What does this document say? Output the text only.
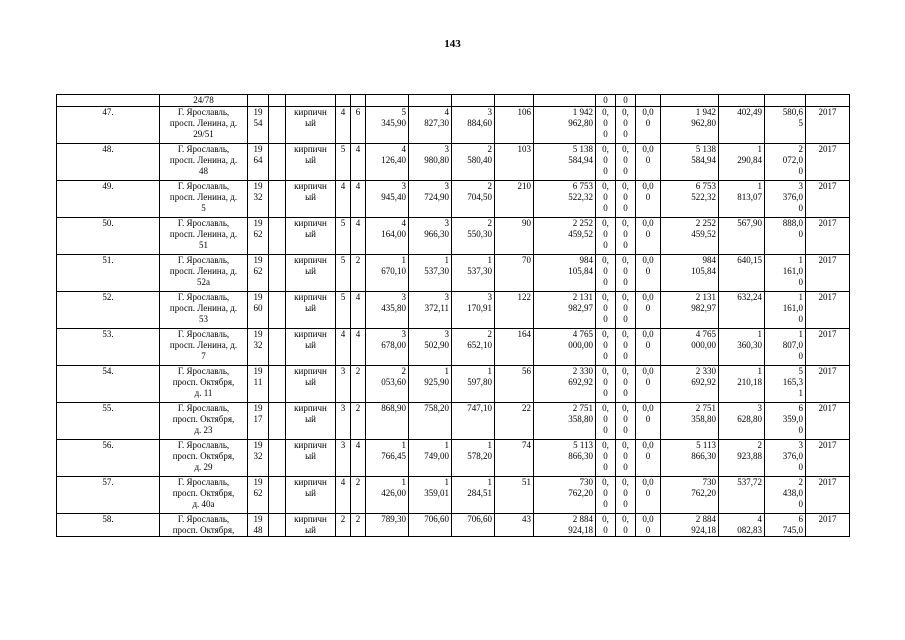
143
	24/78											0	0					
47.	Г. Ярославль,
просп. Ленина, д.
29/51	19
54		кирпичн
ый	4	6	5
345,90	4
827,30	3
884,60	106	1 942
962,80	0,
0
0	0,
0
0	0,0
0	1 942
962,80	402,49	580,6
5	2017
48.	Г. Ярославль,
просп. Ленина, д.
48	19
64		кирпичн
ый	5	4	4
126,40	3
980,80	2
580,40	103	5 138
584,94	0,
0
0	0,
0
0	0,0
0	5 138
584,94	1
290,84	2
072,0
0	2017
49.	Г. Ярославль,
просп. Ленина, д.
5	19
32		кирпичн
ый	4	4	3
945,40	3
724,90	2
704,50	210	6 753
522,32	0,
0
0	0,
0
0	0,0
0	6 753
522,32	1
813,07	3
376,0
0	2017
50.	Г. Ярославль,
просп. Ленина, д.
51	19
62		кирпичн
ый	5	4	4
164,00	3
966,30	2
550,30	90	2 252
459,52	0,
0
0	0,
0
0	0,0
0	2 252
459,52	567,90	888,0
0	2017
51.	Г. Ярославль,
просп. Ленина, д.
52а	19
62		кирпичн
ый	5	2	1
670,10	1
537,30	1
537,30	70	984
105,84	0,
0
0	0,
0
0	0,0
0	984
105,84	640,15	1
161,0
0	2017
52.	Г. Ярославль,
просп. Ленина, д.
53	19
60		кирпичн
ый	5	4	3
435,80	3
372,11	3
170,91	122	2 131
982,97	0,
0
0	0,
0
0	0,0
0	2 131
982,97	632,24	1
161,0
0	2017
53.	Г. Ярославль,
просп. Ленина, д.
7	19
32		кирпичн
ый	4	4	3
678,00	3
502,90	2
652,10	164	4 765
000,00	0,
0
0	0,
0
0	0,0
0	4 765
000,00	1
360,30	1
807,0
0	2017
54.	Г. Ярославль,
просп. Октября,
д. 11	19
11		кирпичн
ый	3	2	2
053,60	1
925,90	1
597,80	56	2 330
692,92	0,
0
0	0,
0
0	0,0
0	2 330
692,92	1
210,18	5
165,3
1	2017
55.	Г. Ярославль,
просп. Октября,
д. 23	19
17		кирпичн
ый	3	2	868,90	758,20	747,10	22	2 751
358,80	0,
0
0	0,
0
0	0,0
0	2 751
358,80	3
628,80	6
359,0
0	2017
56.	Г. Ярославль,
просп. Октября,
д. 29	19
32		кирпичн
ый	3	4	1
766,45	1
749,00	1
578,20	74	5 113
866,30	0,
0
0	0,
0
0	0,0
0	5 113
866,30	2
923,88	3
376,0
0	2017
57.	Г. Ярославль,
просп. Октября,
д. 40а	19
62		кирпичн
ый	4	2	1
426,00	1
359,01	1
284,51	51	730
762,20	0,
0
0	0,
0
0	0,0
0	730
762,20	537,72	2
438,0
0	2017
58.	Г. Ярославль,
просп. Октября,	19
48		кирпичн
ый	2	2	789,30	706,60	706,60	43	2 884
924,18	0,
0	0,
0	0,0
0	2 884
924,18	4
082,83	6
745,0	2017
